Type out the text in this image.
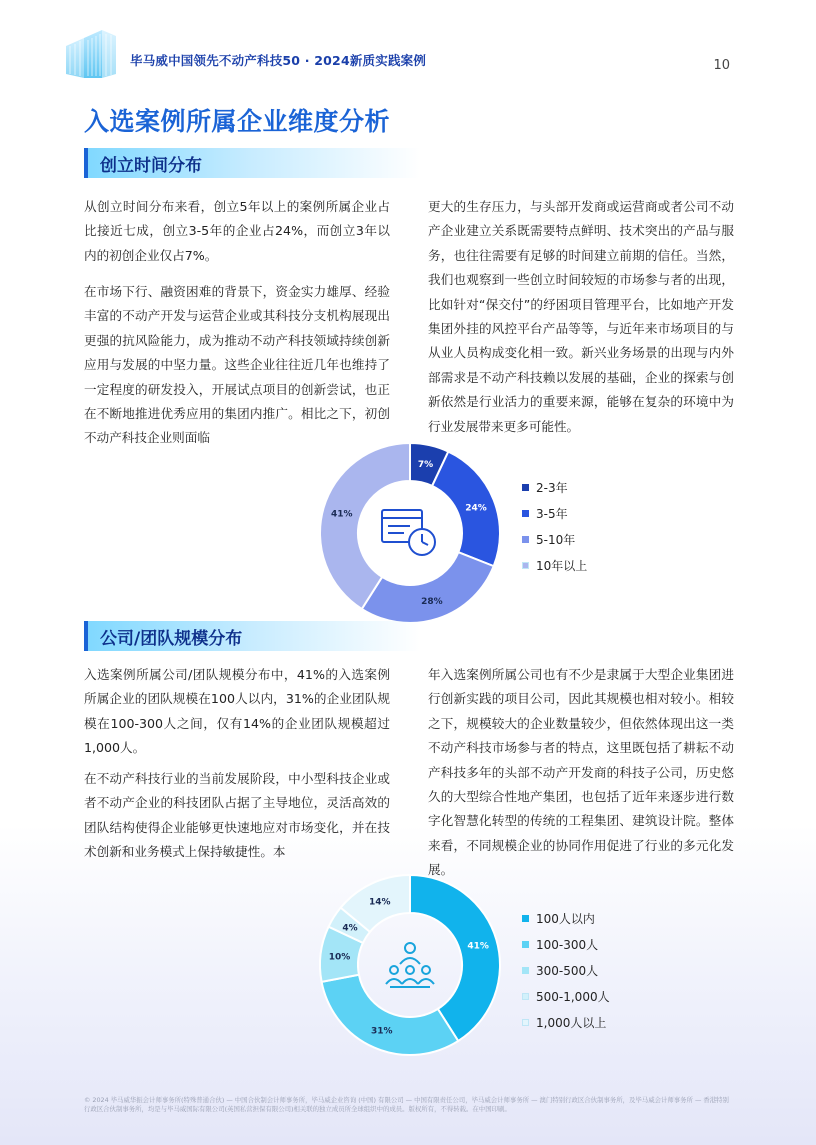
毕马威中国领先不动产科技50 · 2024新质实践案例	10
入选案例所属企业维度分析
创立时间分布
从创立时间分布来看，创立5年以上的案例所属企业占比接近七成，创立3-5年的企业占24%，而创立3年以内的初创企业仅占7%。
在市场下行、融资困难的背景下，资金实力雄厚、经验丰富的不动产开发与运营企业或其科技分支机构展现出更强的抗风险能力，成为推动不动产科技领域持续创新应用与发展的中坚力量。这些企业往往近几年也维持了一定程度的研发投入，开展试点项目的创新尝试，也正在不断地推进优秀应用的集团内推广。相比之下，初创不动产科技企业则面临
更大的生存压力，与头部开发商或运营商或者公司不动产企业建立关系既需要特点鲜明、技术突出的产品与服务，也往往需要有足够的时间建立前期的信任。当然，我们也观察到一些创立时间较短的市场参与者的出现，比如针对“保交付”的纾困项目管理平台，比如地产开发集团外挂的风控平台产品等等，与近年来市场项目的与从业人员构成变化相一致。新兴业务场景的出现与内外部需求是不动产科技赖以发展的基础，企业的探索与创新依然是行业活力的重要来源，能够在复杂的环境中为行业发展带来更多可能性。
7%
24%
28%
41%
2-3年
3-5年
5-10年
10年以上
公司/团队规模分布
入选案例所属公司/团队规模分布中，41%的入选案例所属企业的团队规模在100人以内，31%的企业团队规模在100-300人之间，仅有14%的企业团队规模超过1,000人。
在不动产科技行业的当前发展阶段，中小型科技企业或者不动产企业的科技团队占据了主导地位，灵活高效的团队结构使得企业能够更快速地应对市场变化，并在技术创新和业务模式上保持敏捷性。本
年入选案例所属公司也有不少是隶属于大型企业集团进行创新实践的项目公司，因此其规模也相对较小。相较之下，规模较大的企业数量较少，但依然体现出这一类不动产科技市场参与者的特点，这里既包括了耕耘不动产科技多年的头部不动产开发商的科技子公司，历史悠久的大型综合性地产集团，也包括了近年来逐步进行数字化智慧化转型的传统的工程集团、建筑设计院。整体来看，不同规模企业的协同作用促进了行业的多元化发展。
41%
31%
10%
4%
14%
100人以内
100-300人
300-500人
500-1,000人
1,000人以上
© 2024 毕马威华振会计师事务所(特殊普通合伙) — 中国合伙制会计师事务所，毕马威企业咨询 (中国) 有限公司 — 中国有限责任公司，毕马威会计师事务所 — 澳门特别行政区合伙制事务所，及毕马威会计师事务所 — 香港特别行政区合伙制事务所，均是与毕马威国际有限公司(英国私营担保有限公司)相关联的独立成员所全球组织中的成员。版权所有，不得转载。在中国印刷。
